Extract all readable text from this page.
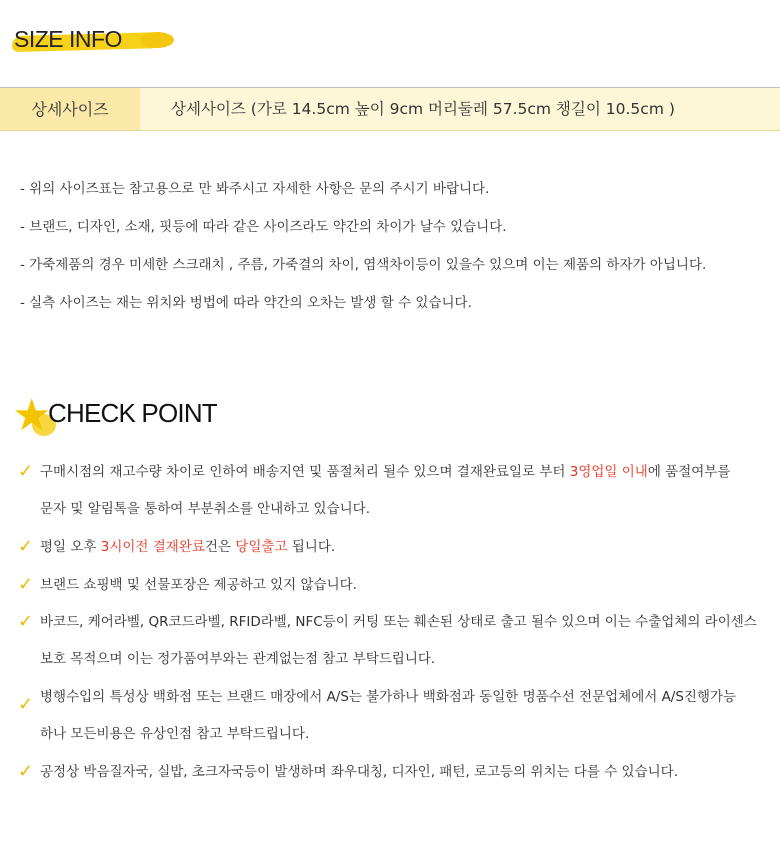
SIZE INFO
상세사이즈	상세사이즈 (가로 14.5cm 높이 9cm 머리둘레 57.5cm 챙길이 10.5cm )
- 위의 사이즈표는 참고용으로 만 봐주시고 자세한 사항은 문의 주시기 바랍니다.
- 브랜드, 디자인, 소재, 핏등에 따라 같은 사이즈라도 약간의 차이가 날수 있습니다.
- 가죽제품의 경우 미세한 스크래치 , 주름, 가죽결의 차이, 염색차이등이 있을수 있으며 이는 제품의 하자가 아닙니다.
- 실측 사이즈는 재는 위치와 벙법에 따라 약간의 오차는 발생 할 수 있습니다.
★
CHECK POINT
✓ 구매시점의 재고수량 차이로 인하여 배송지연 및 품절처리 될수 있으며 결재완료일로 부터 3영업일 이내에 품절여부를
문자 및 알림톡을 통하여 부분취소를 안내하고 있습니다.
✓ 평일 오후 3시이전 결재완료건은 당일출고 됩니다.
✓ 브랜드 쇼핑백 및 선물포장은 제공하고 있지 않습니다.
✓ 바코드, 케어라벨, QR코드라벨, RFID라벨, NFC등이 커팅 또는 훼손된 상태로 출고 될수 있으며 이는 수출업체의 라이센스
보호 목적으며 이는 정가품여부와는 관계없는점 참고 부탁드립니다.
✓ 병행수입의 특성상 백화점 또는 브랜드 매장에서 A/S는 불가하나 백화점과 동일한 명품수선 전문업체에서 A/S진행가능
하나 모든비용은 유상인점 참고 부탁드립니다.
✓ 공정상 박음질자국, 실밥, 초크자국등이 발생하며 좌우대칭, 디자인, 패턴, 로고등의 위치는 다를 수 있습니다.
